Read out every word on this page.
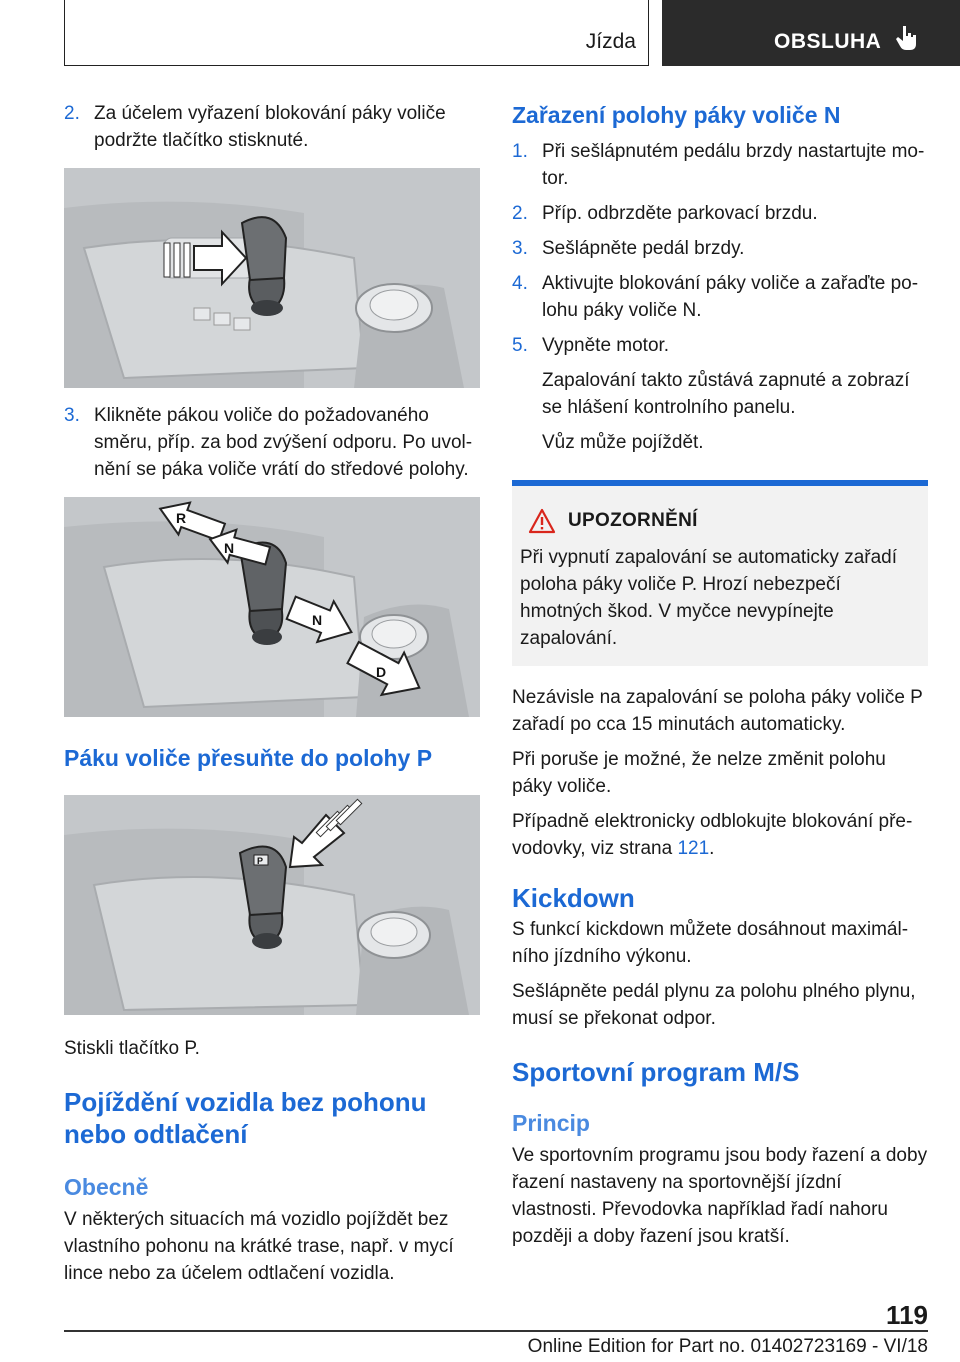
Jízda	OBSLUHA
2. Za účelem vyřazení blokování páky voliče podržte tlačítko stisknuté.
3. Klikněte pákou voliče do požadovaného směru, příp. za bod zvýšení odporu. Po uvolnění se páka voliče vrátí do středové polohy.
R
N
N
D
Páku voliče přesuňte do polohy P
P
Stiskli tlačítko P.
Pojíždění vozidla bez pohonu nebo odtlačení
Obecně
V některých situacích má vozidlo pojíždět bez vlastního pohonu na krátké trase, např. v mycí lince nebo za účelem odtlačení vozidla.
Zařazení polohy páky voliče N
1. Při sešlápnutém pedálu brzdy nastartujte motor.
2. Příp. odbrzděte parkovací brzdu.
3. Sešlápněte pedál brzdy.
4. Aktivujte blokování páky voliče a zařaďte polohu páky voliče N.
5. Vypněte motor.
Zapalování takto zůstává zapnuté a zobrazí se hlášení kontrolního panelu.
Vůz může pojíždět.
UPOZORNĚNÍ
Při vypnutí zapalování se automaticky zařadí poloha páky voliče P. Hrozí nebezpečí hmotných škod. V myčce nevypínejte zapalování.
Nezávisle na zapalování se poloha páky voliče P zařadí po cca 15 minutách automaticky.
Při poruše je možné, že nelze změnit polohu páky voliče.
Případně elektronicky odblokujte blokování převodovky, viz strana 121.
Kickdown
S funkcí kickdown můžete dosáhnout maximálního jízdního výkonu.
Sešlápněte pedál plynu za polohu plného plynu, musí se překonat odpor.
Sportovní program M/S
Princip
Ve sportovním programu jsou body řazení a doby řazení nastaveny na sportovnější jízdní vlastnosti. Převodovka například řadí nahoru později a doby řazení jsou kratší.
119
Online Edition for Part no. 01402723169 - VI/18
